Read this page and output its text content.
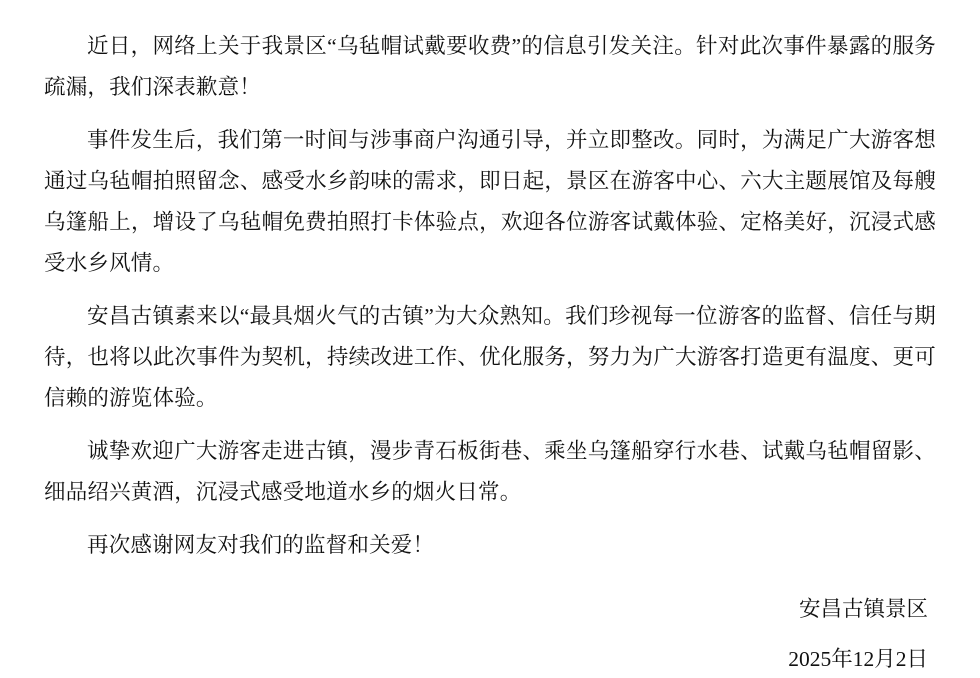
近日，网络上关于我景区“乌毡帽试戴要收费”的信息引发关注。针对此次事件暴露的服务疏漏，我们深表歉意！

事件发生后，我们第一时间与涉事商户沟通引导，并立即整改。同时，为满足广大游客想通过乌毡帽拍照留念、感受水乡韵味的需求，即日起，景区在游客中心、六大主题展馆及每艘乌篷船上，增设了乌毡帽免费拍照打卡体验点，欢迎各位游客试戴体验、定格美好，沉浸式感受水乡风情。

安昌古镇素来以“最具烟火气的古镇”为大众熟知。我们珍视每一位游客的监督、信任与期待，也将以此次事件为契机，持续改进工作、优化服务，努力为广大游客打造更有温度、更可信赖的游览体验。

诚挚欢迎广大游客走进古镇，漫步青石板街巷、乘坐乌篷船穿行水巷、试戴乌毡帽留影、细品绍兴黄酒，沉浸式感受地道水乡的烟火日常。

再次感谢网友对我们的监督和关爱！

安昌古镇景区
2025年12月2日
